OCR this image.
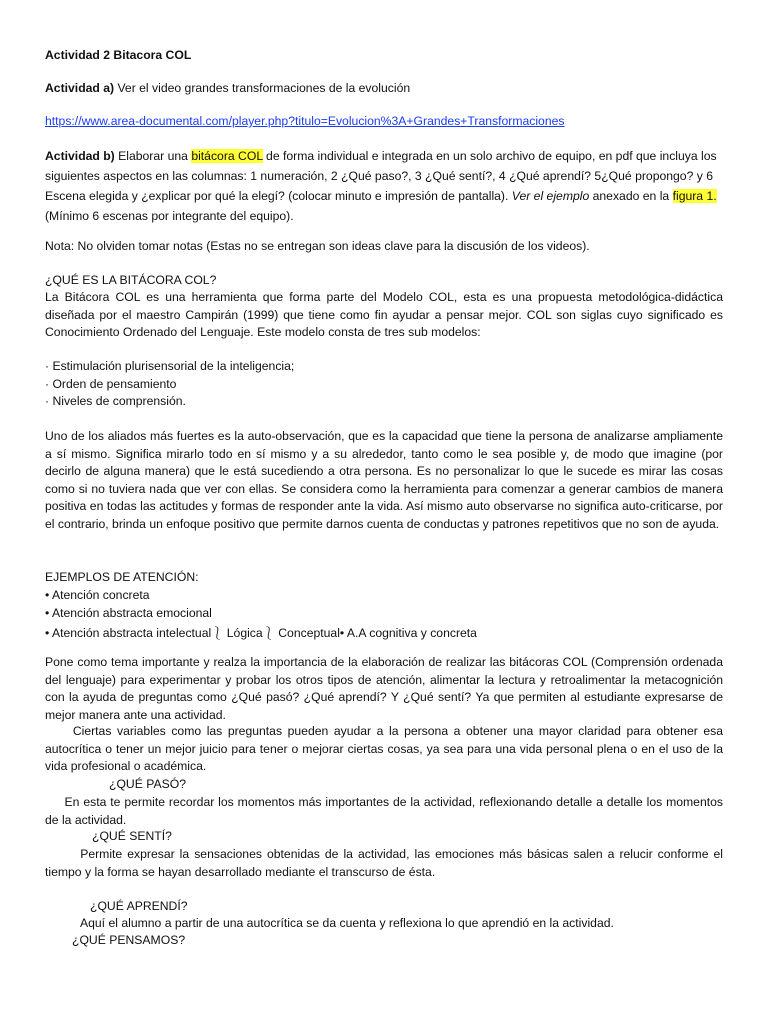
Actividad 2 Bitacora COL
Actividad a) Ver el video grandes transformaciones de la evolución
https://www.area-documental.com/player.php?titulo=Evolucion%3A+Grandes+Transformaciones
Actividad b) Elaborar una bitácora COL de forma individual e integrada en un solo archivo de equipo, en pdf que incluya los siguientes aspectos en las columnas: 1 numeración, 2 ¿Qué paso?, 3 ¿Qué sentí?, 4 ¿Qué aprendí? 5¿Qué propongo? y 6 Escena elegida y ¿explicar por qué la elegí? (colocar minuto e impresión de pantalla). Ver el ejemplo anexado en la figura 1. (Mínimo 6 escenas por integrante del equipo).
Nota: No olviden tomar notas (Estas no se entregan son ideas clave para la discusión de los videos).
¿QUÉ ES LA BITÁCORA COL?
La Bitácora COL es una herramienta que forma parte del Modelo COL, esta es una propuesta metodológica-didáctica diseñada por el maestro Campirán (1999) que tiene como fin ayudar a pensar mejor. COL son siglas cuyo significado es Conocimiento Ordenado del Lenguaje. Este modelo consta de tres sub modelos:
· Estimulación plurisensorial de la inteligencia;
· Orden de pensamiento
· Niveles de comprensión.
Uno de los aliados más fuertes es la auto-observación, que es la capacidad que tiene la persona de analizarse ampliamente a sí mismo. Significa mirarlo todo en sí mismo y a su alrededor, tanto como le sea posible y, de modo que imagine (por decirlo de alguna manera) que le está sucediendo a otra persona. Es no personalizar lo que le sucede es mirar las cosas como si no tuviera nada que ver con ellas. Se considera como la herramienta para comenzar a generar cambios de manera positiva en todas las actitudes y formas de responder ante la vida. Así mismo auto observarse no significa auto-criticarse, por el contrario, brinda un enfoque positivo que permite darnos cuenta de conductas y patrones repetitivos que no son de ayuda.
EJEMPLOS DE ATENCIÓN:
• Atención concreta
• Atención abstracta emocional
• Atención abstracta intelectual⎱ Lógica⎱ Conceptual• A.A cognitiva y concreta
Pone como tema importante y realza la importancia de la elaboración de realizar las bitácoras COL (Comprensión ordenada del lenguaje) para experimentar y probar los otros tipos de atención, alimentar la lectura y retroalimentar la metacognición con la ayuda de preguntas como ¿Qué pasó? ¿Qué aprendí? Y ¿Qué sentí? Ya que permiten al estudiante expresarse de mejor manera ante una actividad.
Ciertas variables como las preguntas pueden ayudar a la persona a obtener una mayor claridad para obtener esa autocrítica o tener un mejor juicio para tener o mejorar ciertas cosas, ya sea para una vida personal plena o en el uso de la vida profesional o académica.
¿QUÉ PASÓ?
En esta te permite recordar los momentos más importantes de la actividad, reflexionando detalle a detalle los momentos de la actividad.
¿QUÉ SENTÍ?
Permite expresar la sensaciones obtenidas de la actividad, las emociones más básicas salen a relucir conforme el tiempo y la forma se hayan desarrollado mediante el transcurso de ésta.
¿QUÉ APRENDÍ?
Aquí el alumno a partir de una autocrítica se da cuenta y reflexiona lo que aprendió en la actividad.
¿QUÉ PENSAMOS?
